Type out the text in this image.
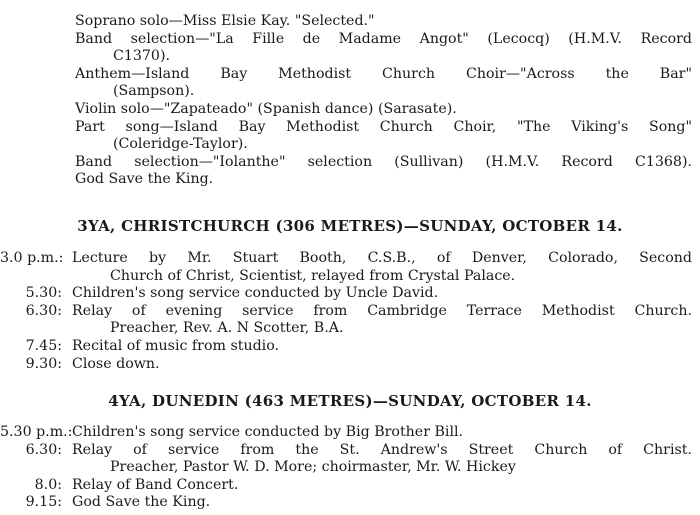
Soprano solo—Miss Elsie Kay. "Selected."
Band selection—"La Fille de Madame Angot" (Lecocq) (H.M.V. Record
C1370).
Anthem—Island Bay Methodist Church Choir—"Across the Bar"
(Sampson).
Violin solo—"Zapateado" (Spanish dance) (Sarasate).
Part song—Island Bay Methodist Church Choir, "The Viking's Song"
(Coleridge-Taylor).
Band selection—"Iolanthe" selection (Sullivan) (H.M.V. Record C1368).
God Save the King.
3YA, CHRISTCHURCH (306 METRES)—SUNDAY, OCTOBER 14.
3.0 p.m.: Lecture by Mr. Stuart Booth, C.S.B., of Denver, Colorado, Second
Church of Christ, Scientist, relayed from Crystal Palace.
5.30: Children's song service conducted by Uncle David.
6.30: Relay of evening service from Cambridge Terrace Methodist Church.
Preacher, Rev. A. N Scotter, B.A.
7.45: Recital of music from studio.
9.30: Close down.
4YA, DUNEDIN (463 METRES)—SUNDAY, OCTOBER 14.
5.30 p.m.: Children's song service conducted by Big Brother Bill.
6.30: Relay of service from the St. Andrew's Street Church of Christ.
Preacher, Pastor W. D. More; choirmaster, Mr. W. Hickey
8.0: Relay of Band Concert.
9.15: God Save the King.
